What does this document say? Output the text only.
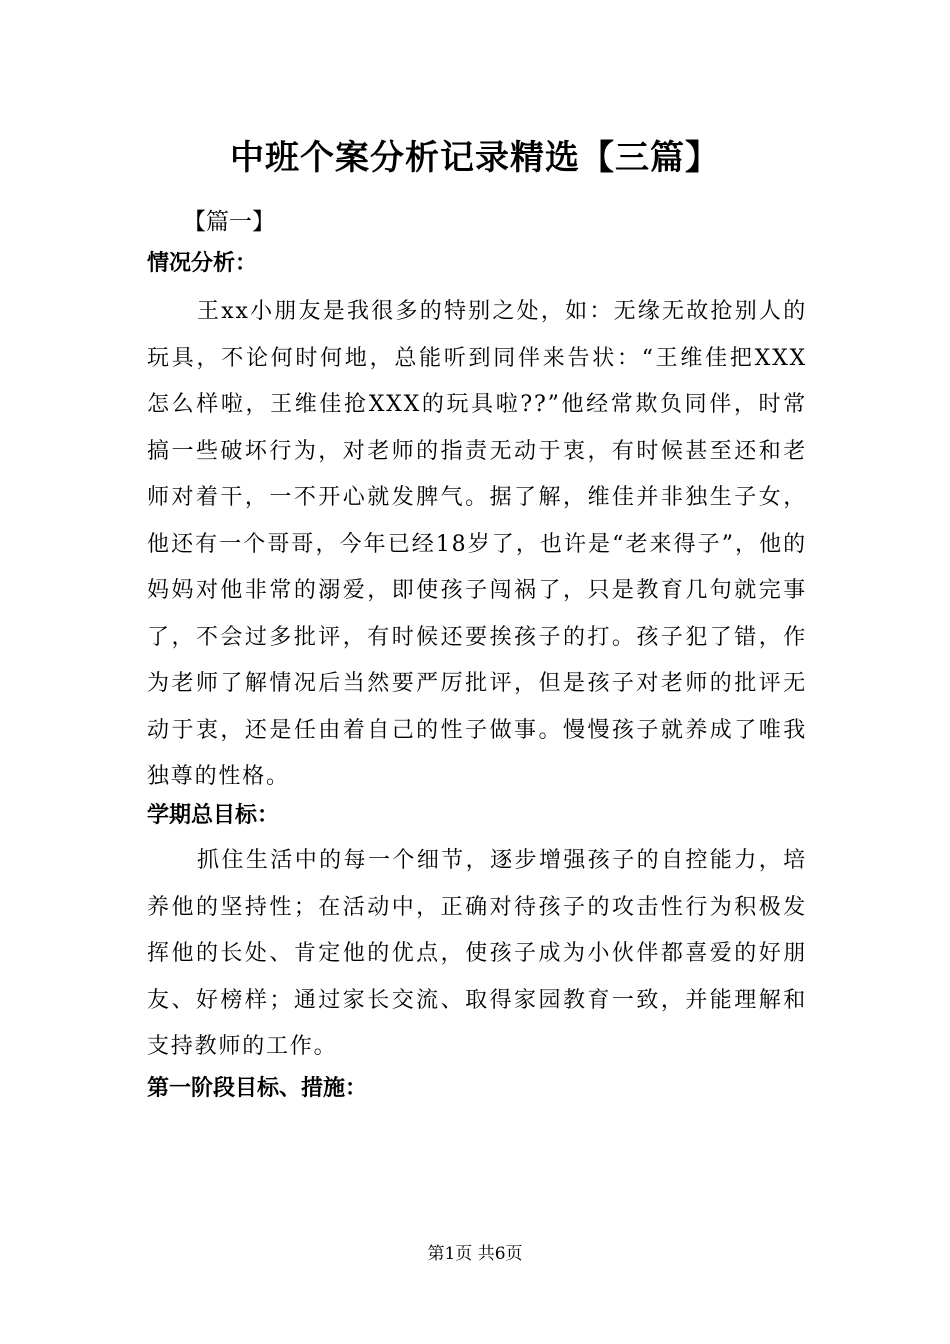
中班个案分析记录精选【三篇】

【篇一】

情况分析：

王xx小朋友是我很多的特别之处，如：无缘无故抢别人的玩具，不论何时何地，总能听到同伴来告状：“王维佳把XXX怎么样啦，王维佳抢XXX的玩具啦??”他经常欺负同伴，时常搞一些破坏行为，对老师的指责无动于衷，有时候甚至还和老师对着干，一不开心就发脾气。据了解，维佳并非独生子女，他还有一个哥哥，今年已经18岁了，也许是“老来得子”，他的妈妈对他非常的溺爱，即使孩子闯祸了，只是教育几句就完事了，不会过多批评，有时候还要挨孩子的打。孩子犯了错，作为老师了解情况后当然要严厉批评，但是孩子对老师的批评无动于衷，还是任由着自己的性子做事。慢慢孩子就养成了唯我独尊的性格。

学期总目标：

抓住生活中的每一个细节，逐步增强孩子的自控能力，培养他的坚持性；在活动中，正确对待孩子的攻击性行为积极发挥他的长处、肯定他的优点，使孩子成为小伙伴都喜爱的好朋友、好榜样；通过家长交流、取得家园教育一致，并能理解和支持教师的工作。

第一阶段目标、措施：

第1页 共6页
